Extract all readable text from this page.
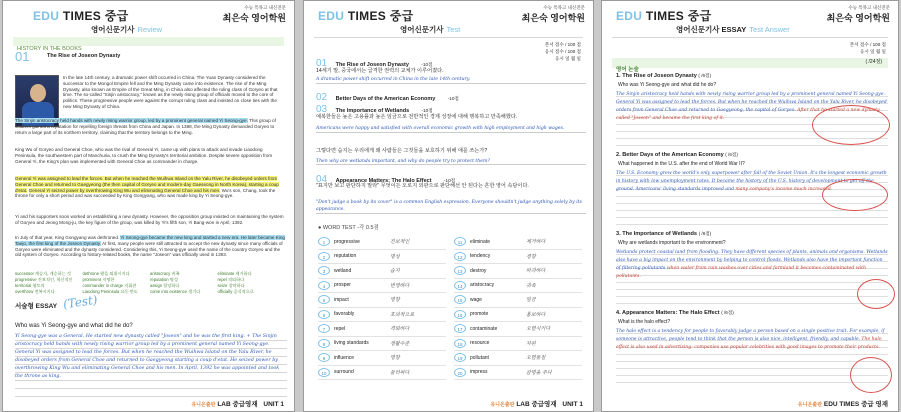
EDU TIMES 중급
수능 특목고 내신전문
최은숙 영어학원
영어신문기사 Review
HISTORY IN THE BOOKS
01	The Rise of Joseon Dynasty
In the late 14th century, a dramatic power shift occurred in China. The Yuan Dynasty considered the successor to the Mongol Empire fell and the Ming Dynasty came into existence. The rise of the Ming Dynasty, also known as Empire of the Great Ming, in China also affected the ruling class of Goryeo at that time. The so-called "Sinjin aristocracy," known as the newly rising group of officials moved to the core of politics. These progressive people were against the corrupt ruling class and insisted on close ties with the new Ming Dynasty of China.
The Sinjin aristocracy held hands with newly rising warrior group, led by a prominent general named Yi Seong-gye. This group of soldiers gained a reputation for repelling foreign threats from China and Japan. In 1388, the Ming Dynasty demanded Goryeo to return a large part of its northern territory, claiming that the territory belongs to the Ming.
King Wu of Goryeo and General Choe, who was the rival of General Yi, came up with plans to attack and invade Liaodong Peninsula, the southwestern part of Manchuria, to crush the Ming Dynasty's territorial ambition. Despite severe opposition from General Yi, the King's plan was implemented with General Choe as commander in charge.
General Yi was assigned to lead the forces. But when he reached the Wuihwa Island on the Yalu River, he disobeyed orders from General Choe and returned to Gaegyeong (the then capital of Goryeo and modern-day Gaeseong in North Korea), starting a coup d'etat. General Yi seized power by overthrowing King Wu and eliminating General Choe and his men. Wu's son, Chang, took the throne for only a short period and was succeeded by King Gongyang, who was made king by Yi Seong-gye.
Yi and his supporters soon worked on establishing a new dynasty. However, the opposition group insisted on maintaining the system of Goryeo and Jeong Mong-ju, the key figure of the group, was killed by Yi's fifth son, Yi Bang-won in April, 1392.
In July of that year, King Gongyang was dethroned. Yi Seong-gye became the new king and started a new era. He later became King Taejo, the first king of the Joseon Dynasty. At first, many people were still attracted to accept the new dynasty since many officials of Goryeo were eliminated and the dynasty considered. Considering this, Yi Seong-gye used the name of the country Goryeo and the old system of Goryeo. According to history-related books, the name "Joseon" was officially used in 1393.
successor 계승자, 계승하는 것	dethrone 왕을 퇴위시키다	aristocracy 귀족	eliminate 제거하다
progressive 진보적인, 혁신적인	prominent 저명한	reputation 명성	repel 격퇴하다
territorial 영토의	commander in charge 지휘관	assign 할당하다	seize 장악하다
overthrow 전복시키다	Liaodong Peninsula 요동 반도	come into existence 생기다	officially 공식적으로
서술형 ESSAY (Test)
Who was Yi Seong-gye and what did he do?
Yi Seong-gye was a General. He started new dynasty called "Joseon" and he was the first king. + The Sinjin aristocracy held hands with newly rising warrior group led by a prominent general named Yi Seong-gye. General Yi was assigned to lead the forces. But when he reached the Wuihwa Island on the Yalu River, he disobeyed orders from General Choe and returned to Gaegyeong starting a coup d'etat. He seized power by overthrowing King Wu and eliminating General Choe and his men. In April, 1392 he was appointed and took the throne as king.
유니온출판 LAB 중급영재 UNIT 1
EDU TIMES 중급
수능 특목고 내신전문
최은숙 영어학원
영어신문기사 Test
본서 점수 / 100 점
응시 점수 / 100 점
응시 일 월 일
01 The Rise of Joseon Dynasty	-10점
14세기 말, 중국에서는 급격한 권력의 교체가 이루어졌다.
A dramatic power shift occurred in China in the late 14th century.
02 Better Days of the American Economy	-10점
03 The Importance of Wetlands	-10점
예복한들은 높은 고용률과 높은 임금으로 전반적인 경제 성장에 대해 행복하고 만족해했다.
Americans were happy and satisfied with overall economic growth with high employment and high wages.
그렇다면 습지는 우리에게 왜 사람들은 그것들을 보호하기 위해 애를 쓰는가?
Then why are wetlands important, and why do people try to protect them?
04 Appearance Matters: The Halo Effect	-10점
"표지만 보고 판단하지 말라" 무엇이든 오로지 외관으로 판단해선 안 된다는 흔한 영어 속담이다.
"Don't judge a book by its cover" is a common English expression. Everyone shouldn't judge anything solely by its appearance.
● WORD TEST -각 0.5점
1	progressive	진보적인
2	reputation	명성
3	wetland	습지
4	prosper	번영하다
5	impact	영향
6	favorably	호의적으로
7	repel	격퇴하다
8	living standards	생활수준
9	influence	영향
10	surround	둘러싸다
11	eliminate	제거하다
12	tendency	경향
13	destroy	파괴하다
14	aristocracy	귀족
15	wage	임금
16	promote	홍보하다
17	contaminate	오염시키다
18	resource	자원
19	pollutant	오염물질
20	impress	감명을 주다
유니온출판 LAB 중급영재 UNIT 1
EDU TIMES 중급
수능 특목고 내신전문
최은숙 영어학원
영어신문기사 ESSAY Test Answer
본서 점수 / 100 점
응시 일 월 일
영어 논술
( /24점)
1. The Rise of Joseon Dynasty ( /6점)
Who was Yi Seong-gye and what did he do?
The Sinjin aristocracy held hands with newly rising warrior group led by a prominent general named Yi Seong-gye. General Yi was assigned to lead the forces. But when he reached the Wuihwa Island on the Yalu River, he disobeyed orders from General Choe and returned to Gaegyeong, the capital of Goryeo. After that he started a new dynasty called "Joseon" and became the first king of it.
2. Better Days of the American Economy ( /6점)
What happened in the U.S. after the end of World War II?
The U.S. Economy grew the world's only superpower after fall of the Soviet Union. It's the longest economic growth in history with low unemployment rates. It became the history of the U.S. history of development to get off the ground. Americans' living standards improved and many company's income much increased.
3. The Importance of Wetlands ( /6점)
Why are wetlands important to the environment?
Wetlands protect coastal land from flooding. They have different species of plants, animals and organisms. Wetlands also have a big impact on the environment by helping to control floods. Wetlands also have the important function of filtering pollutants when water from rain washes over cities and farmland it becomes contaminated with pollutants.
4. Appearance Matters: The Halo Effect ( /6점)
What is the halo effect?
The halo effect is a tendency for people to favorably judge a person based on a single positive trait. For example, if someone is attractive, people tend to think that the person is also nice, intelligent, friendly, and capable. The halo effect is also used in advertising: companies use popular celebrities with good images to promote their products.
유니온출판 EDU TIMES 중급 영재
